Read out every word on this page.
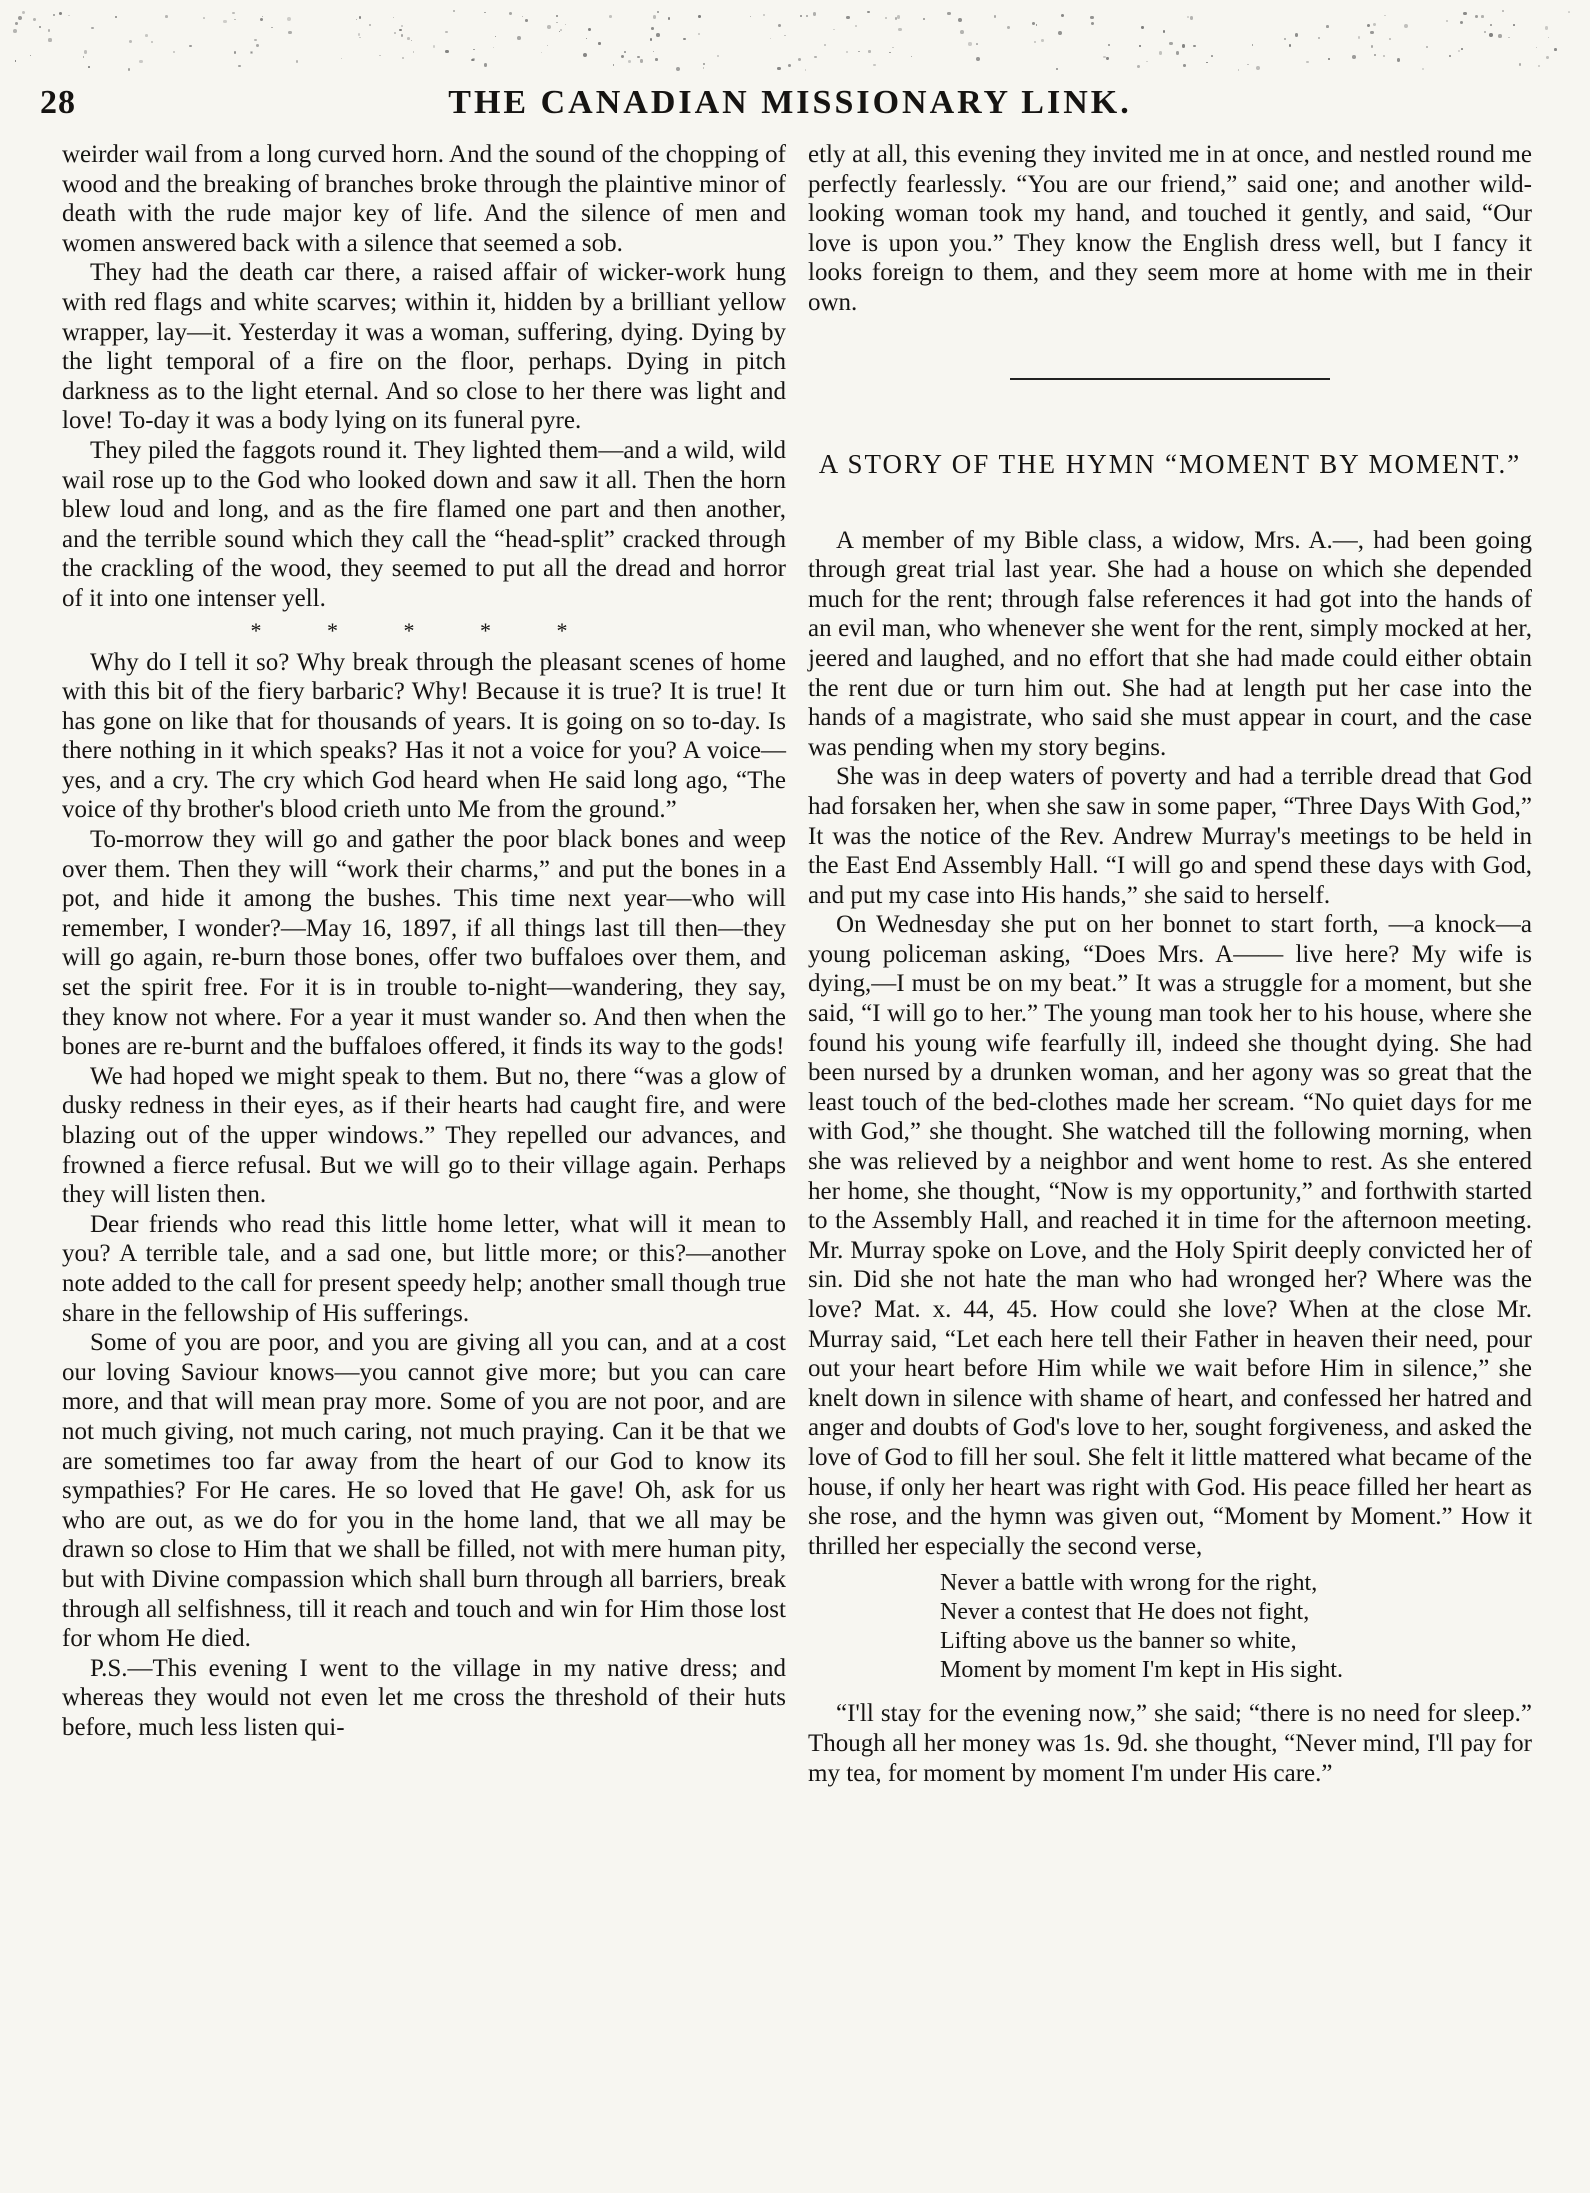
28	THE CANADIAN MISSIONARY LINK.

weirder wail from a long curved horn. And the sound of the chopping of wood and the breaking of branches broke through the plaintive minor of death with the rude major key of life. And the silence of men and women answered back with a silence that seemed a sob.

They had the death car there, a raised affair of wicker-work hung with red flags and white scarves; within it, hidden by a brilliant yellow wrapper, lay—it. Yesterday it was a woman, suffering, dying. Dying by the light temporal of a fire on the floor, perhaps. Dying in pitch darkness as to the light eternal. And so close to her there was light and love! To-day it was a body lying on its funeral pyre.

They piled the faggots round it. They lighted them—and a wild, wild wail rose up to the God who looked down and saw it all. Then the horn blew loud and long, and as the fire flamed one part and then another, and the terrible sound which they call the “head-split” cracked through the crackling of the wood, they seemed to put all the dread and horror of it into one intenser yell.

* * * * *

Why do I tell it so? Why break through the pleasant scenes of home with this bit of the fiery barbaric? Why! Because it is true? It is true! It has gone on like that for thousands of years. It is going on so to-day. Is there nothing in it which speaks? Has it not a voice for you? A voice—yes, and a cry. The cry which God heard when He said long ago, “The voice of thy brother's blood crieth unto Me from the ground.”

To-morrow they will go and gather the poor black bones and weep over them. Then they will “work their charms,” and put the bones in a pot, and hide it among the bushes. This time next year—who will remember, I wonder?—May 16, 1897, if all things last till then—they will go again, re-burn those bones, offer two buffaloes over them, and set the spirit free. For it is in trouble to-night—wandering, they say, they know not where. For a year it must wander so. And then when the bones are re-burnt and the buffaloes offered, it finds its way to the gods!

We had hoped we might speak to them. But no, there “was a glow of dusky redness in their eyes, as if their hearts had caught fire, and were blazing out of the upper windows.” They repelled our advances, and frowned a fierce refusal. But we will go to their village again. Perhaps they will listen then.

Dear friends who read this little home letter, what will it mean to you? A terrible tale, and a sad one, but little more; or this?—another note added to the call for present speedy help; another small though true share in the fellowship of His sufferings.

Some of you are poor, and you are giving all you can, and at a cost our loving Saviour knows—you cannot give more; but you can care more, and that will mean pray more. Some of you are not poor, and are not much giving, not much caring, not much praying. Can it be that we are sometimes too far away from the heart of our God to know its sympathies? For He cares. He so loved that He gave! Oh, ask for us who are out, as we do for you in the home land, that we all may be drawn so close to Him that we shall be filled, not with mere human pity, but with Divine compassion which shall burn through all barriers, break through all selfishness, till it reach and touch and win for Him those lost for whom He died.

P.S.—This evening I went to the village in my native dress; and whereas they would not even let me cross the threshold of their huts before, much less listen qui-

etly at all, this evening they invited me in at once, and nestled round me perfectly fearlessly. “You are our friend,” said one; and another wild-looking woman took my hand, and touched it gently, and said, “Our love is upon you.” They know the English dress well, but I fancy it looks foreign to them, and they seem more at home with me in their own.

A STORY OF THE HYMN “MOMENT BY MOMENT.”

A member of my Bible class, a widow, Mrs. A.—, had been going through great trial last year. She had a house on which she depended much for the rent; through false references it had got into the hands of an evil man, who whenever she went for the rent, simply mocked at her, jeered and laughed, and no effort that she had made could either obtain the rent due or turn him out. She had at length put her case into the hands of a magistrate, who said she must appear in court, and the case was pending when my story begins.

She was in deep waters of poverty and had a terrible dread that God had forsaken her, when she saw in some paper, “Three Days With God,” It was the notice of the Rev. Andrew Murray's meetings to be held in the East End Assembly Hall. “I will go and spend these days with God, and put my case into His hands,” she said to herself.

On Wednesday she put on her bonnet to start forth, —a knock—a young policeman asking, “Does Mrs. A—— live here? My wife is dying,—I must be on my beat.” It was a struggle for a moment, but she said, “I will go to her.” The young man took her to his house, where she found his young wife fearfully ill, indeed she thought dying. She had been nursed by a drunken woman, and her agony was so great that the least touch of the bed-clothes made her scream. “No quiet days for me with God,” she thought. She watched till the following morning, when she was relieved by a neighbor and went home to rest. As she entered her home, she thought, “Now is my opportunity,” and forthwith started to the Assembly Hall, and reached it in time for the afternoon meeting. Mr. Murray spoke on Love, and the Holy Spirit deeply convicted her of sin. Did she not hate the man who had wronged her? Where was the love? Mat. x. 44, 45. How could she love? When at the close Mr. Murray said, “Let each here tell their Father in heaven their need, pour out your heart before Him while we wait before Him in silence,” she knelt down in silence with shame of heart, and confessed her hatred and anger and doubts of God's love to her, sought forgiveness, and asked the love of God to fill her soul. She felt it little mattered what became of the house, if only her heart was right with God. His peace filled her heart as she rose, and the hymn was given out, “Moment by Moment.” How it thrilled her especially the second verse,

Never a battle with wrong for the right,
Never a contest that He does not fight,
Lifting above us the banner so white,
Moment by moment I'm kept in His sight.

“I'll stay for the evening now,” she said; “there is no need for sleep.” Though all her money was 1s. 9d. she thought, “Never mind, I'll pay for my tea, for moment by moment I'm under His care.”
